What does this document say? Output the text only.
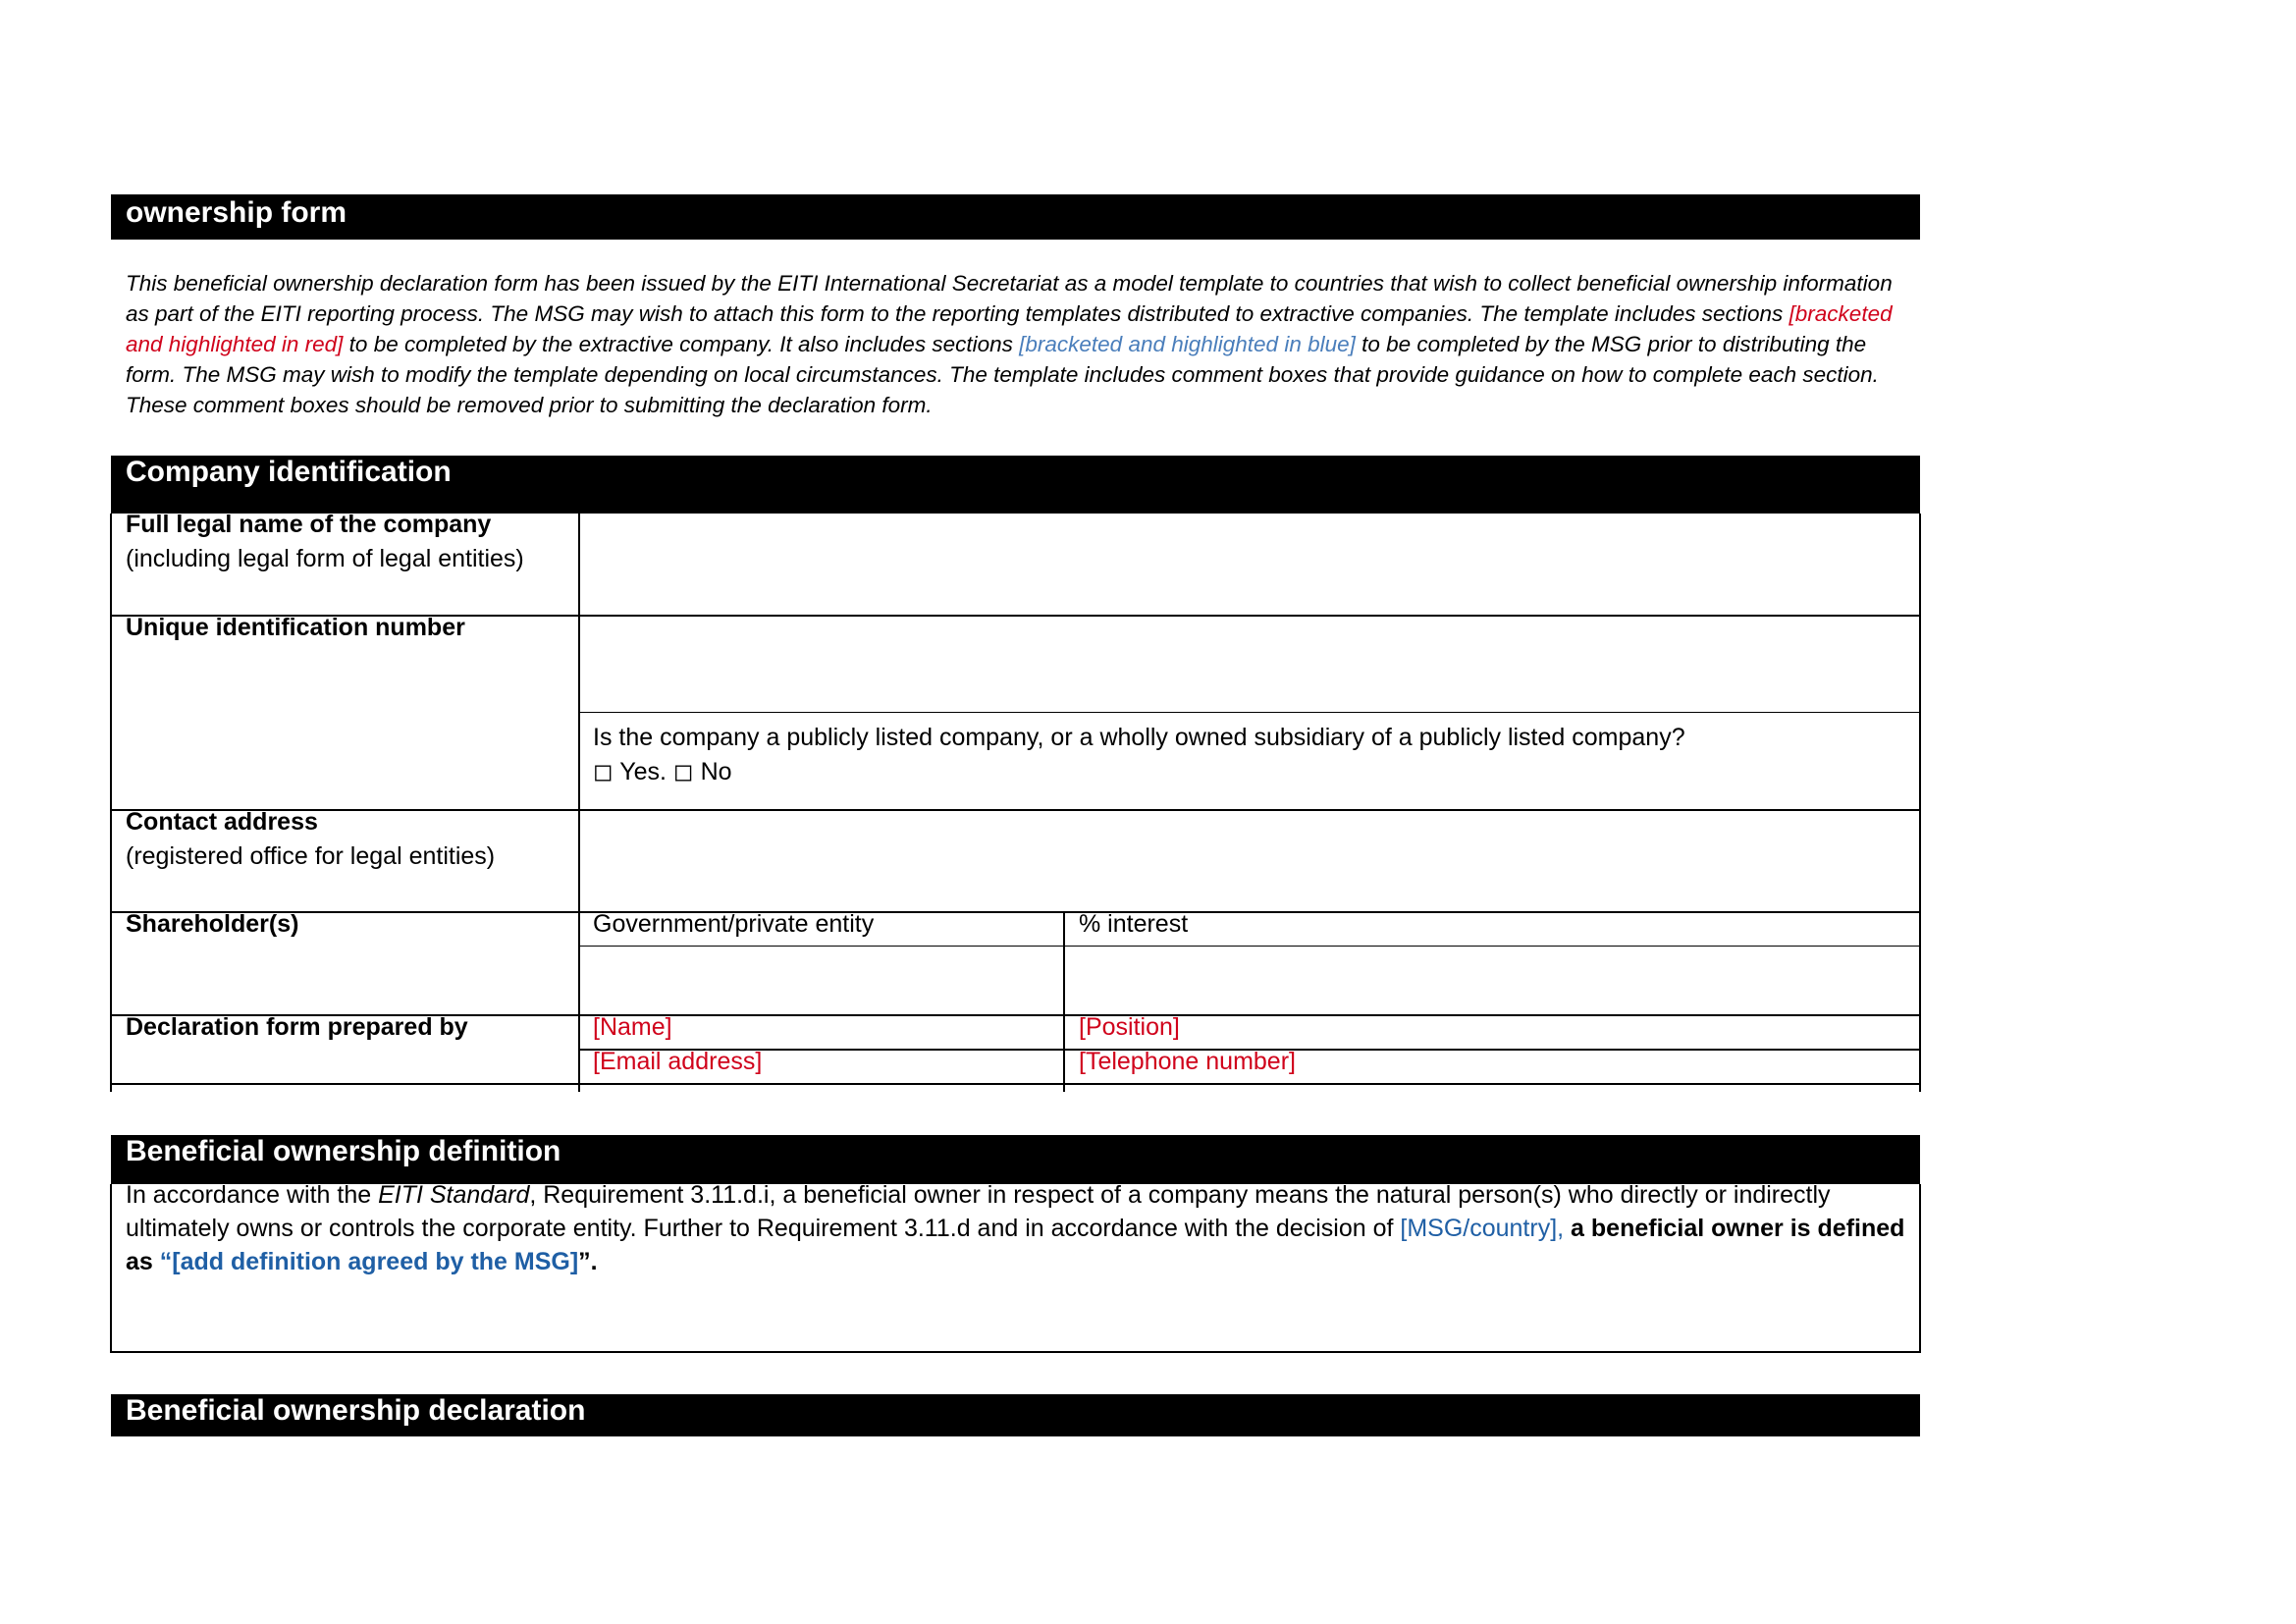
ownership form
This beneficial ownership declaration form has been issued by the EITI International Secretariat as a model template to countries that wish to collect beneficial ownership information as part of the EITI reporting process. The MSG may wish to attach this form to the reporting templates distributed to extractive companies. The template includes sections [bracketed and highlighted in red] to be completed by the extractive company. It also includes sections [bracketed and highlighted in blue] to be completed by the MSG prior to distributing the form. The MSG may wish to modify the template depending on local circumstances. The template includes comment boxes that provide guidance on how to complete each section. These comment boxes should be removed prior to submitting the declaration form.
Company identification
Full legal name of the company
(including legal form of legal entities)
Unique identification number
Is the company a publicly listed company, or a wholly owned subsidiary of a publicly listed company?
◻ Yes. ◻ No
Contact address
(registered office for legal entities)
Shareholder(s)	Government/private entity	% interest
Declaration form prepared by	[Name]	[Position]
[Email address]	[Telephone number]
Beneficial ownership definition
In accordance with the EITI Standard, Requirement 3.11.d.i, a beneficial owner in respect of a company means the natural person(s) who directly or indirectly ultimately owns or controls the corporate entity. Further to Requirement 3.11.d and in accordance with the decision of [MSG/country], a beneficial owner is defined as “[add definition agreed by the MSG]”.
Beneficial ownership declaration
